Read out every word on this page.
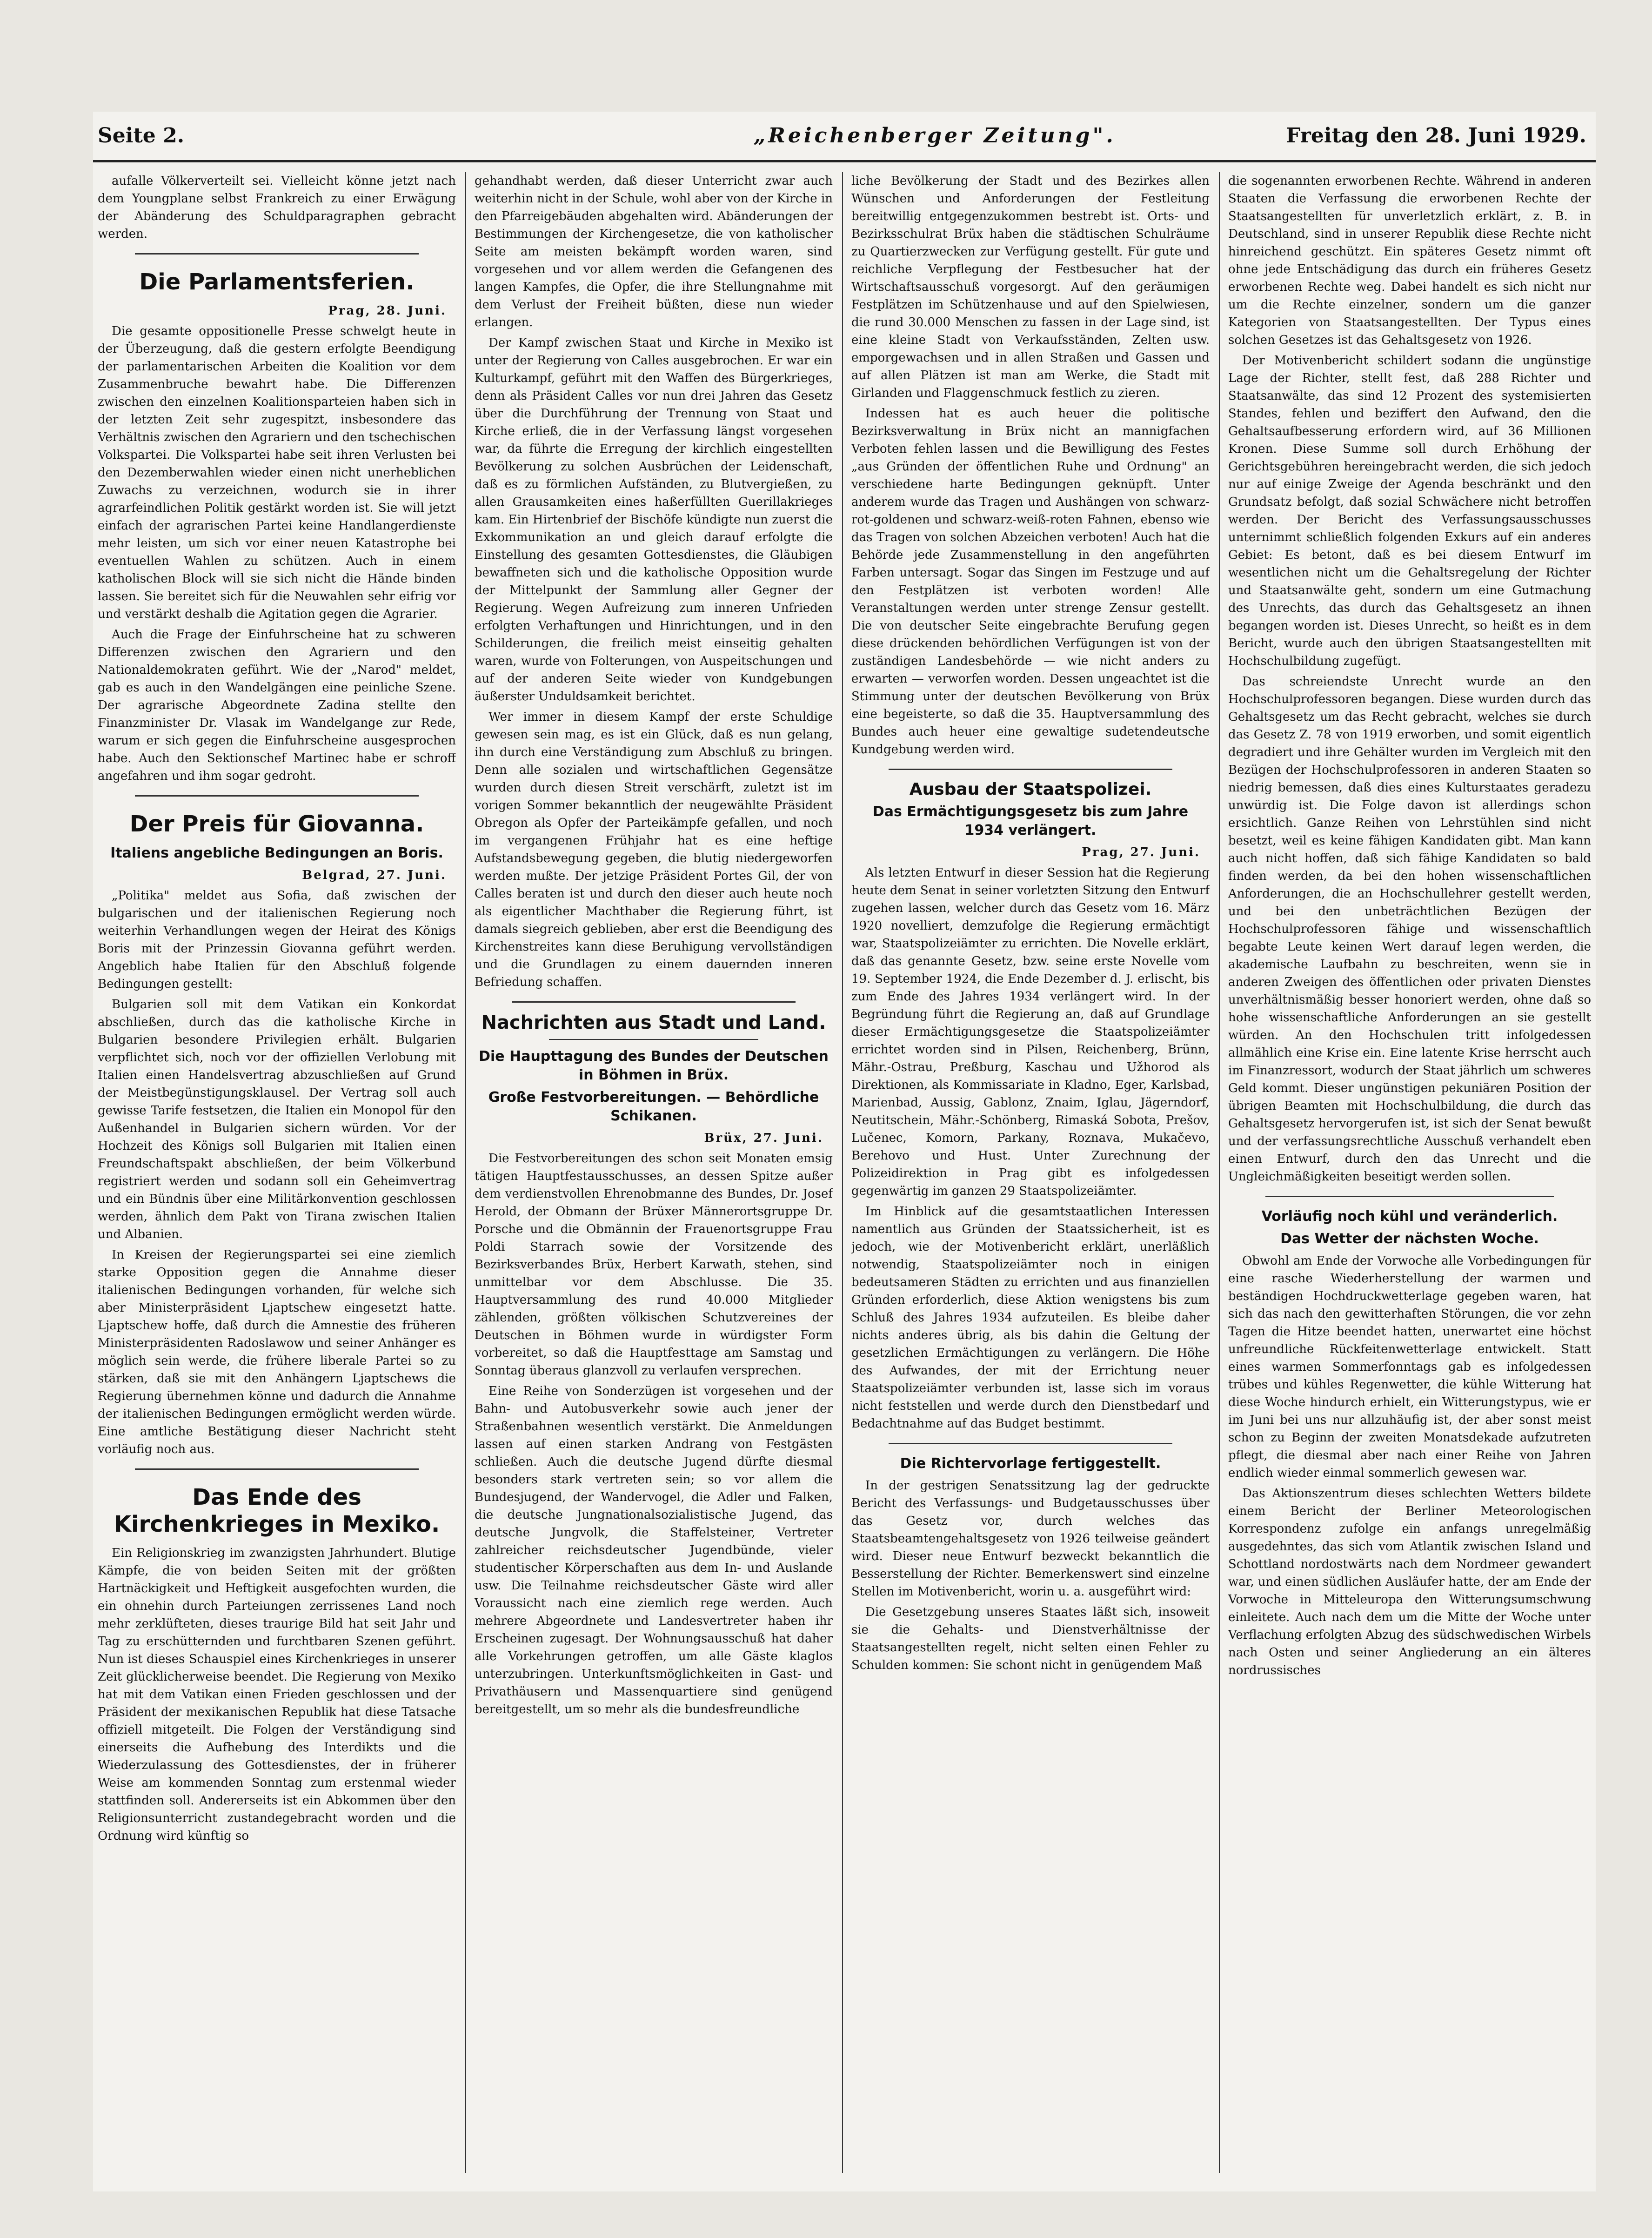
Seite 2.	„Reichenberger Zeitung".	Freitag den 28. Juni 1929.

aufalle Völkerverteilt sei. Vielleicht könne jetzt nach dem Youngplane selbst Frankreich zu einer Erwägung der Abänderung des Schuldparagraphen gebracht werden.

Die Parlamentsferien.
Prag, 28. Juni.

Die gesamte oppositionelle Presse schwelgt heute in der Überzeugung, daß die gestern erfolgte Beendigung der parlamentarischen Arbeiten die Koalition vor dem Zusammenbruche bewahrt habe. Die Differenzen zwischen den einzelnen Koalitionsparteien haben sich in der letzten Zeit sehr zugespitzt, insbesondere das Verhältnis zwischen den Agrariern und den tschechischen Volkspartei. Die Volkspartei habe seit ihren Verlusten bei den Dezemberwahlen wieder einen nicht unerheblichen Zuwachs zu verzeichnen, wodurch sie in ihrer agrarfeindlichen Politik gestärkt worden ist. Sie will jetzt einfach der agrarischen Partei keine Handlangerdienste mehr leisten, um sich vor einer neuen Katastrophe bei eventuellen Wahlen zu schützen. Auch in einem katholischen Block will sie sich nicht die Hände binden lassen. Sie bereitet sich für die Neuwahlen sehr eifrig vor und verstärkt deshalb die Agitation gegen die Agrarier.

Auch die Frage der Einfuhrscheine hat zu schweren Differenzen zwischen den Agrariern und den Nationaldemokraten geführt. Wie der „Narod" meldet, gab es auch in den Wandelgängen eine peinliche Szene. Der agrarische Abgeordnete Zadina stellte den Finanzminister Dr. Vlasak im Wandelgange zur Rede, warum er sich gegen die Einfuhrscheine ausgesprochen habe. Auch den Sektionschef Martinec habe er schroff angefahren und ihm sogar gedroht.

Der Preis für Giovanna.
Italiens angebliche Bedingungen an Boris.
Belgrad, 27. Juni.

„Politika" meldet aus Sofia, daß zwischen der bulgarischen und der italienischen Regierung noch weiterhin Verhandlungen wegen der Heirat des Königs Boris mit der Prinzessin Giovanna geführt werden. Angeblich habe Italien für den Abschluß folgende Bedingungen gestellt:

Bulgarien soll mit dem Vatikan ein Konkordat abschließen, durch das die katholische Kirche in Bulgarien besondere Privilegien erhält. Bulgarien verpflichtet sich, noch vor der offiziellen Verlobung mit Italien einen Handelsvertrag abzuschließen auf Grund der Meistbegünstigungsklausel. Der Vertrag soll auch gewisse Tarife festsetzen, die Italien ein Monopol für den Außenhandel in Bulgarien sichern würden. Vor der Hochzeit des Königs soll Bulgarien mit Italien einen Freundschaftspakt abschließen, der beim Völkerbund registriert werden und sodann soll ein Geheimvertrag und ein Bündnis über eine Militärkonvention geschlossen werden, ähnlich dem Pakt von Tirana zwischen Italien und Albanien.

In Kreisen der Regierungspartei sei eine ziemlich starke Opposition gegen die Annahme dieser italienischen Bedingungen vorhanden, für welche sich aber Ministerpräsident Ljaptschew eingesetzt hatte. Ljaptschew hoffe, daß durch die Amnestie des früheren Ministerpräsidenten Radoslawow und seiner Anhänger es möglich sein werde, die frühere liberale Partei so zu stärken, daß sie mit den Anhängern Ljaptschews die Regierung übernehmen könne und dadurch die Annahme der italienischen Bedingungen ermöglicht werden würde. Eine amtliche Bestätigung dieser Nachricht steht vorläufig noch aus.

Das Ende des Kirchenkrieges in Mexiko.

Ein Religionskrieg im zwanzigsten Jahrhundert. Blutige Kämpfe, die von beiden Seiten mit der größten Hartnäckigkeit und Heftigkeit ausgefochten wurden, die ein ohnehin durch Parteiungen zerrissenes Land noch mehr zerklüfteten, dieses traurige Bild hat seit Jahr und Tag zu erschütternden und furchtbaren Szenen geführt. Nun ist dieses Schauspiel eines Kirchenkrieges in unserer Zeit glücklicherweise beendet. Die Regierung von Mexiko hat mit dem Vatikan einen Frieden geschlossen und der Präsident der mexikanischen Republik hat diese Tatsache offiziell mitgeteilt. Die Folgen der Verständigung sind einerseits die Aufhebung des Interdikts und die Wiederzulassung des Gottesdienstes, der in früherer Weise am kommenden Sonntag zum erstenmal wieder stattfinden soll. Andererseits ist ein Abkommen über den Religionsunterricht zustandegebracht worden und die Ordnung wird künftig so

gehandhabt werden, daß dieser Unterricht zwar auch weiterhin nicht in der Schule, wohl aber von der Kirche in den Pfarreigebäuden abgehalten wird. Abänderungen der Bestimmungen der Kirchengesetze, die von katholischer Seite am meisten bekämpft worden waren, sind vorgesehen und vor allem werden die Gefangenen des langen Kampfes, die Opfer, die ihre Stellungnahme mit dem Verlust der Freiheit büßten, diese nun wieder erlangen.

Der Kampf zwischen Staat und Kirche in Mexiko ist unter der Regierung von Calles ausgebrochen. Er war ein Kulturkampf, geführt mit den Waffen des Bürgerkrieges, denn als Präsident Calles vor nun drei Jahren das Gesetz über die Durchführung der Trennung von Staat und Kirche erließ, die in der Verfassung längst vorgesehen war, da führte die Erregung der kirchlich eingestellten Bevölkerung zu solchen Ausbrüchen der Leidenschaft, daß es zu förmlichen Aufständen, zu Blutvergießen, zu allen Grausamkeiten eines haßerfüllten Guerillakrieges kam. Ein Hirtenbrief der Bischöfe kündigte nun zuerst die Exkommunikation an und gleich darauf erfolgte die Einstellung des gesamten Gottesdienstes, die Gläubigen bewaffneten sich und die katholische Opposition wurde der Mittelpunkt der Sammlung aller Gegner der Regierung. Wegen Aufreizung zum inneren Unfrieden erfolgten Verhaftungen und Hinrichtungen, und in den Schilderungen, die freilich meist einseitig gehalten waren, wurde von Folterungen, von Auspeitschungen und auf der anderen Seite wieder von Kundgebungen äußerster Unduldsamkeit berichtet.

Wer immer in diesem Kampf der erste Schuldige gewesen sein mag, es ist ein Glück, daß es nun gelang, ihn durch eine Verständigung zum Abschluß zu bringen. Denn alle sozialen und wirtschaftlichen Gegensätze wurden durch diesen Streit verschärft, zuletzt ist im vorigen Sommer bekanntlich der neugewählte Präsident Obregon als Opfer der Parteikämpfe gefallen, und noch im vergangenen Frühjahr hat es eine heftige Aufstandsbewegung gegeben, die blutig niedergeworfen werden mußte. Der jetzige Präsident Portes Gil, der von Calles beraten ist und durch den dieser auch heute noch als eigentlicher Machthaber die Regierung führt, ist damals siegreich geblieben, aber erst die Beendigung des Kirchenstreites kann diese Beruhigung vervollständigen und die Grundlagen zu einem dauernden inneren Befriedung schaffen.

Nachrichten aus Stadt und Land.
Die Haupttagung des Bundes der Deutschen in Böhmen in Brüx.
Große Festvorbereitungen. — Behördliche Schikanen.
Brüx, 27. Juni.

Die Festvorbereitungen des schon seit Monaten emsig tätigen Hauptfestausschusses, an dessen Spitze außer dem verdienstvollen Ehrenobmanne des Bundes, Dr. Josef Herold, der Obmann der Brüxer Männerortsgruppe Dr. Porsche und die Obmännin der Frauenortsgruppe Frau Poldi Starrach sowie der Vorsitzende des Bezirksverbandes Brüx, Herbert Karwath, stehen, sind unmittelbar vor dem Abschlusse. Die 35. Hauptversammlung des rund 40.000 Mitglieder zählenden, größten völkischen Schutzvereines der Deutschen in Böhmen wurde in würdigster Form vorbereitet, so daß die Hauptfesttage am Samstag und Sonntag überaus glanzvoll zu verlaufen versprechen.

Eine Reihe von Sonderzügen ist vorgesehen und der Bahn- und Autobusverkehr sowie auch jener der Straßenbahnen wesentlich verstärkt. Die Anmeldungen lassen auf einen starken Andrang von Festgästen schließen. Auch die deutsche Jugend dürfte diesmal besonders stark vertreten sein; so vor allem die Bundesjugend, der Wandervogel, die Adler und Falken, die deutsche Jungnationalsozialistische Jugend, das deutsche Jungvolk, die Staffelsteiner, Vertreter zahlreicher reichsdeutscher Jugendbünde, vieler studentischer Körperschaften aus dem In- und Auslande usw. Die Teilnahme reichsdeutscher Gäste wird aller Voraussicht nach eine ziemlich rege werden. Auch mehrere Abgeordnete und Landesvertreter haben ihr Erscheinen zugesagt. Der Wohnungsausschuß hat daher alle Vorkehrungen getroffen, um alle Gäste klaglos unterzubringen. Unterkunftsmöglichkeiten in Gast- und Privathäusern und Massenquartiere sind genügend bereitgestellt, um so mehr als die bundesfreundliche

liche Bevölkerung der Stadt und des Bezirkes allen Wünschen und Anforderungen der Festleitung bereitwillig entgegenzukommen bestrebt ist. Orts- und Bezirksschulrat Brüx haben die städtischen Schulräume zu Quartierzwecken zur Verfügung gestellt. Für gute und reichliche Verpflegung der Festbesucher hat der Wirtschaftsausschuß vorgesorgt. Auf den geräumigen Festplätzen im Schützenhause und auf den Spielwiesen, die rund 30.000 Menschen zu fassen in der Lage sind, ist eine kleine Stadt von Verkaufsständen, Zelten usw. emporgewachsen und in allen Straßen und Gassen und auf allen Plätzen ist man am Werke, die Stadt mit Girlanden und Flaggenschmuck festlich zu zieren.

Indessen hat es auch heuer die politische Bezirksverwaltung in Brüx nicht an mannigfachen Verboten fehlen lassen und die Bewilligung des Festes „aus Gründen der öffentlichen Ruhe und Ordnung" an verschiedene harte Bedingungen geknüpft. Unter anderem wurde das Tragen und Aushängen von schwarz-rot-goldenen und schwarz-weiß-roten Fahnen, ebenso wie das Tragen von solchen Abzeichen verboten! Auch hat die Behörde jede Zusammenstellung in den angeführten Farben untersagt. Sogar das Singen im Festzuge und auf den Festplätzen ist verboten worden! Alle Veranstaltungen werden unter strenge Zensur gestellt. Die von deutscher Seite eingebrachte Berufung gegen diese drückenden behördlichen Verfügungen ist von der zuständigen Landesbehörde — wie nicht anders zu erwarten — verworfen worden. Dessen ungeachtet ist die Stimmung unter der deutschen Bevölkerung von Brüx eine begeisterte, so daß die 35. Hauptversammlung des Bundes auch heuer eine gewaltige sudetendeutsche Kundgebung werden wird.

Ausbau der Staatspolizei.
Das Ermächtigungsgesetz bis zum Jahre 1934 verlängert.
Prag, 27. Juni.

Als letzten Entwurf in dieser Session hat die Regierung heute dem Senat in seiner vorletzten Sitzung den Entwurf zugehen lassen, welcher durch das Gesetz vom 16. März 1920 novelliert, demzufolge die Regierung ermächtigt war, Staatspolizeiämter zu errichten. Die Novelle erklärt, daß das genannte Gesetz, bzw. seine erste Novelle vom 19. September 1924, die Ende Dezember d. J. erlischt, bis zum Ende des Jahres 1934 verlängert wird. In der Begründung führt die Regierung an, daß auf Grundlage dieser Ermächtigungsgesetze die Staatspolizeiämter errichtet worden sind in Pilsen, Reichenberg, Brünn, Mähr.-Ostrau, Preßburg, Kaschau und Užhorod als Direktionen, als Kommissariate in Kladno, Eger, Karlsbad, Marienbad, Aussig, Gablonz, Znaim, Iglau, Jägerndorf, Neutitschein, Mähr.-Schönberg, Rimaská Sobota, Prešov, Lučenec, Komorn, Parkany, Roznava, Mukačevo, Berehovo und Hust. Unter Zurechnung der Polizeidirektion in Prag gibt es infolgedessen gegenwärtig im ganzen 29 Staatspolizeiämter.

Im Hinblick auf die gesamtstaatlichen Interessen namentlich aus Gründen der Staatssicherheit, ist es jedoch, wie der Motivenbericht erklärt, unerläßlich notwendig, Staatspolizeiämter noch in einigen bedeutsameren Städten zu errichten und aus finanziellen Gründen erforderlich, diese Aktion wenigstens bis zum Schluß des Jahres 1934 aufzuteilen. Es bleibe daher nichts anderes übrig, als bis dahin die Geltung der gesetzlichen Ermächtigungen zu verlängern. Die Höhe des Aufwandes, der mit der Errichtung neuer Staatspolizeiämter verbunden ist, lasse sich im voraus nicht feststellen und werde durch den Dienstbedarf und Bedachtnahme auf das Budget bestimmt.

Die Richtervorlage fertiggestellt.

In der gestrigen Senatssitzung lag der gedruckte Bericht des Verfassungs- und Budgetausschusses über das Gesetz vor, durch welches das Staatsbeamtengehaltsgesetz von 1926 teilweise geändert wird. Dieser neue Entwurf bezweckt bekanntlich die Besserstellung der Richter. Bemerkenswert sind einzelne Stellen im Motivenbericht, worin u. a. ausgeführt wird:

Die Gesetzgebung unseres Staates läßt sich, insoweit sie die Gehalts- und Dienstverhältnisse der Staatsangestellten regelt, nicht selten einen Fehler zu Schulden kommen: Sie schont nicht in genügendem Maß

die sogenannten erworbenen Rechte. Während in anderen Staaten die Verfassung die erworbenen Rechte der Staatsangestellten für unverletzlich erklärt, z. B. in Deutschland, sind in unserer Republik diese Rechte nicht hinreichend geschützt. Ein späteres Gesetz nimmt oft ohne jede Entschädigung das durch ein früheres Gesetz erworbenen Rechte weg. Dabei handelt es sich nicht nur um die Rechte einzelner, sondern um die ganzer Kategorien von Staatsangestellten. Der Typus eines solchen Gesetzes ist das Gehaltsgesetz von 1926.

Der Motivenbericht schildert sodann die ungünstige Lage der Richter, stellt fest, daß 288 Richter und Staatsanwälte, das sind 12 Prozent des systemisierten Standes, fehlen und beziffert den Aufwand, den die Gehaltsaufbesserung erfordern wird, auf 36 Millionen Kronen. Diese Summe soll durch Erhöhung der Gerichtsgebühren hereingebracht werden, die sich jedoch nur auf einige Zweige der Agenda beschränkt und den Grundsatz befolgt, daß sozial Schwächere nicht betroffen werden. Der Bericht des Verfassungsausschusses unternimmt schließlich folgenden Exkurs auf ein anderes Gebiet: Es betont, daß es bei diesem Entwurf im wesentlichen nicht um die Gehaltsregelung der Richter und Staatsanwälte geht, sondern um eine Gutmachung des Unrechts, das durch das Gehaltsgesetz an ihnen begangen worden ist. Dieses Unrecht, so heißt es in dem Bericht, wurde auch den übrigen Staatsangestellten mit Hochschulbildung zugefügt.

Das schreiendste Unrecht wurde an den Hochschulprofessoren begangen. Diese wurden durch das Gehaltsgesetz um das Recht gebracht, welches sie durch das Gesetz Z. 78 von 1919 erworben, und somit eigentlich degradiert und ihre Gehälter wurden im Vergleich mit den Bezügen der Hochschulprofessoren in anderen Staaten so niedrig bemessen, daß dies eines Kulturstaates geradezu unwürdig ist. Die Folge davon ist allerdings schon ersichtlich. Ganze Reihen von Lehrstühlen sind nicht besetzt, weil es keine fähigen Kandidaten gibt. Man kann auch nicht hoffen, daß sich fähige Kandidaten so bald finden werden, da bei den hohen wissenschaftlichen Anforderungen, die an Hochschullehrer gestellt werden, und bei den unbeträchtlichen Bezügen der Hochschulprofessoren fähige und wissenschaftlich begabte Leute keinen Wert darauf legen werden, die akademische Laufbahn zu beschreiten, wenn sie in anderen Zweigen des öffentlichen oder privaten Dienstes unverhältnismäßig besser honoriert werden, ohne daß so hohe wissenschaftliche Anforderungen an sie gestellt würden. An den Hochschulen tritt infolgedessen allmählich eine Krise ein. Eine latente Krise herrscht auch im Finanzressort, wodurch der Staat jährlich um schweres Geld kommt. Dieser ungünstigen pekuniären Position der übrigen Beamten mit Hochschulbildung, die durch das Gehaltsgesetz hervorgerufen ist, ist sich der Senat bewußt und der verfassungsrechtliche Ausschuß verhandelt eben einen Entwurf, durch den das Unrecht und die Ungleichmäßigkeiten beseitigt werden sollen.

Vorläufig noch kühl und veränderlich.
Das Wetter der nächsten Woche.

Obwohl am Ende der Vorwoche alle Vorbedingungen für eine rasche Wiederherstellung der warmen und beständigen Hochdruckwetterlage gegeben waren, hat sich das nach den gewitterhaften Störungen, die vor zehn Tagen die Hitze beendet hatten, unerwartet eine höchst unfreundliche Rückfeitenwetterlage entwickelt. Statt eines warmen Sommerfonntags gab es infolgedessen trübes und kühles Regenwetter, die kühle Witterung hat diese Woche hindurch erhielt, ein Witterungstypus, wie er im Juni bei uns nur allzuhäufig ist, der aber sonst meist schon zu Beginn der zweiten Monatsdekade aufzutreten pflegt, die diesmal aber nach einer Reihe von Jahren endlich wieder einmal sommerlich gewesen war.

Das Aktionszentrum dieses schlechten Wetters bildete einem Bericht der Berliner Meteorologischen Korrespondenz zufolge ein anfangs unregelmäßig ausgedehntes, das sich vom Atlantik zwischen Island und Schottland nordostwärts nach dem Nordmeer gewandert war, und einen südlichen Ausläufer hatte, der am Ende der Vorwoche in Mitteleuropa den Witterungsumschwung einleitete. Auch nach dem um die Mitte der Woche unter Verflachung erfolgten Abzug des südschwedischen Wirbels nach Osten und seiner Angliederung an ein älteres nordrussisches
